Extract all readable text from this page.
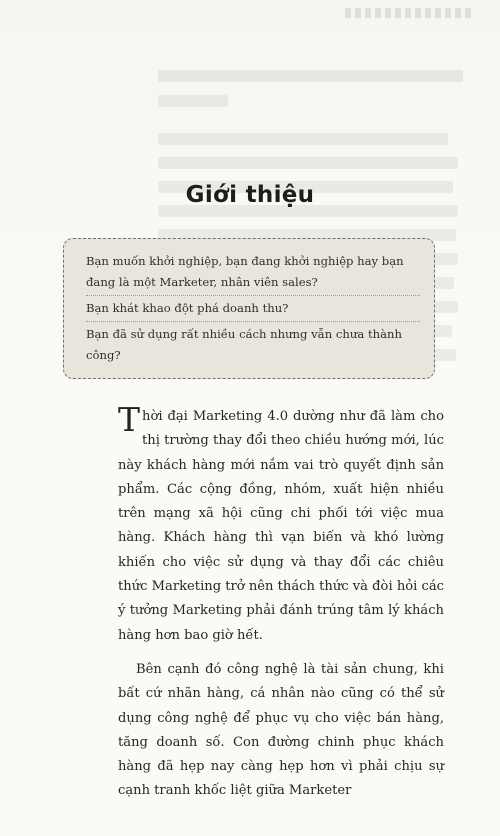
Giới thiệu
Bạn muốn khởi nghiệp, bạn đang khởi nghiệp hay bạn đang là một Marketer, nhân viên sales?
Bạn khát khao đột phá doanh thu?
Bạn đã sử dụng rất nhiều cách nhưng vẫn chưa thành công?

Thời đại Marketing 4.0 dường như đã làm cho thị trường thay đổi theo chiều hướng mới, lúc này khách hàng mới nắm vai trò quyết định sản phẩm. Các cộng đồng, nhóm, xuất hiện nhiều trên mạng xã hội cũng chi phối tới việc mua hàng. Khách hàng thì vạn biến và khó lường khiến cho việc sử dụng và thay đổi các chiêu thức Marketing trở nên thách thức và đòi hỏi các ý tưởng Marketing phải đánh trúng tâm lý khách hàng hơn bao giờ hết.

Bên cạnh đó công nghệ là tài sản chung, khi bất cứ nhãn hàng, cá nhân nào cũng có thể sử dụng công nghệ để phục vụ cho việc bán hàng, tăng doanh số. Con đường chinh phục khách hàng đã hẹp nay càng hẹp hơn vì phải chịu sự cạnh tranh khốc liệt giữa Marketer
